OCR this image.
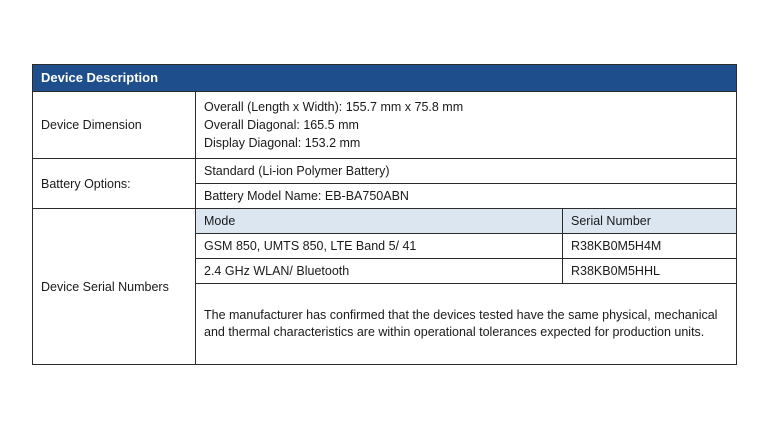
Device Description		
Device Dimension	Overall (Length x Width): 155.7 mm x 75.8 mm
Overall Diagonal: 165.5 mm
Display Diagonal: 153.2 mm	

Battery Options:	Standard (Li-ion Polymer Battery)	
	Battery Model Name: EB-BA750ABN	
Device Serial Numbers	Mode	Serial Number
	GSM 850, UMTS 850, LTE Band 5/ 41	R38KB0M5H4M
	2.4 GHz WLAN/ Bluetooth	R38KB0M5HHL
	The manufacturer has confirmed that the devices tested have the same physical, mechanical and thermal characteristics are within operational tolerances expected for production units.	
